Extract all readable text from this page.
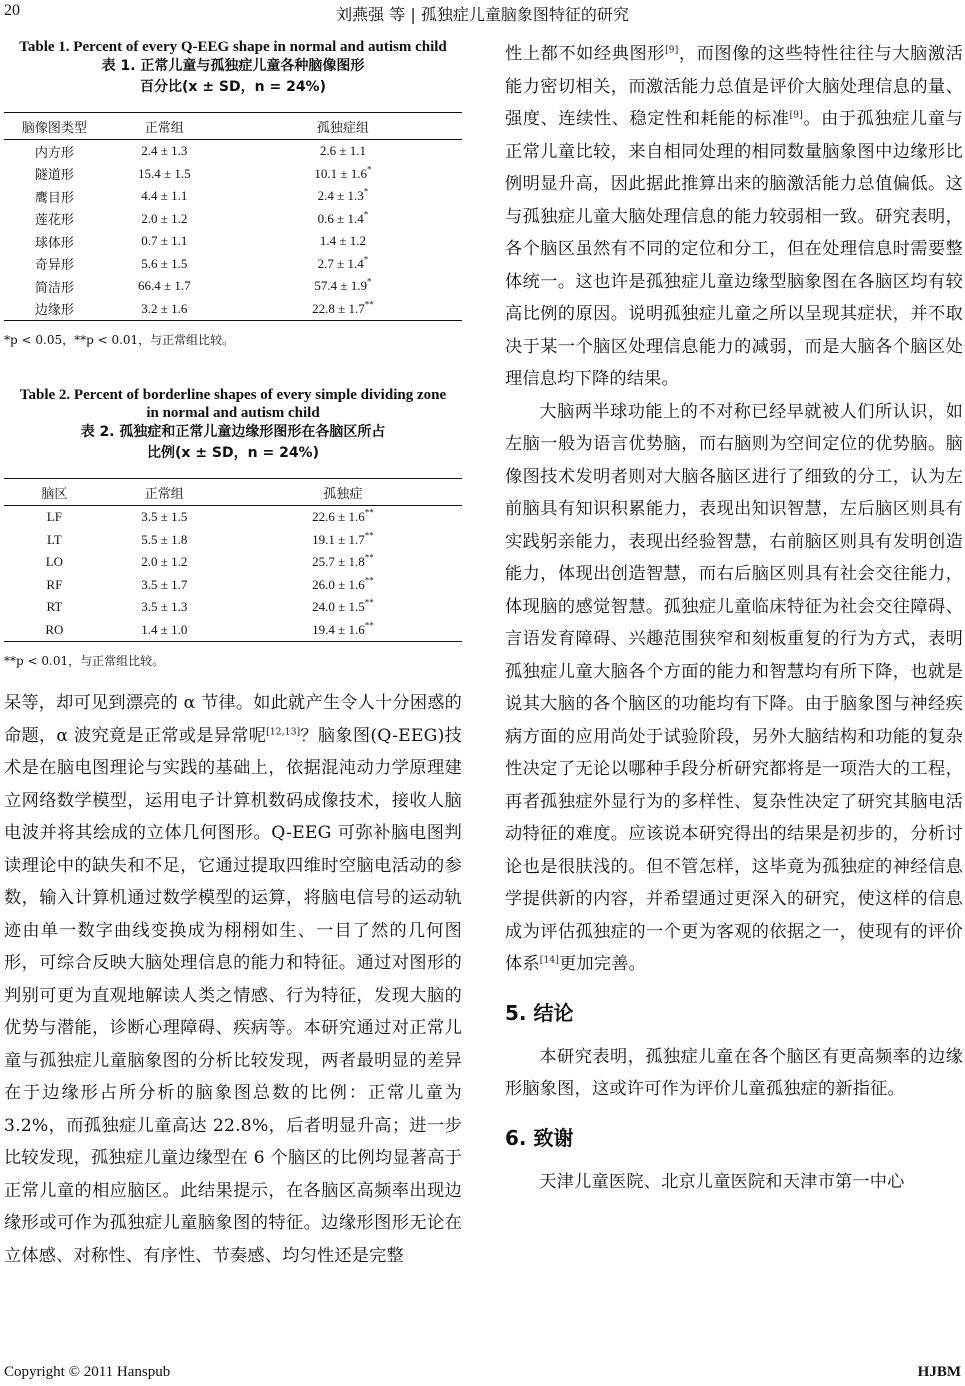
20	刘燕强 等 | 孤独症儿童脑象图特征的研究
Table 1. Percent of every Q-EEG shape in normal and autism child
表 1. 正常儿童与孤独症儿童各种脑像图形
百分比(x ± SD，n = 24%)
脑像图类型	正常组	孤独症组
内方形	2.4 ± 1.3	2.6 ± 1.1
隧道形	15.4 ± 1.5	10.1 ± 1.6*
鹰目形	4.4 ± 1.1	2.4 ± 1.3*
莲花形	2.0 ± 1.2	0.6 ± 1.4*
球体形	0.7 ± 1.1	1.4 ± 1.2
奇异形	5.6 ± 1.5	2.7 ± 1.4*
简洁形	66.4 ± 1.7	57.4 ± 1.9*
边缘形	3.2 ± 1.6	22.8 ± 1.7**
*p < 0.05，**p < 0.01，与正常组比较。
Table 2. Percent of borderline shapes of every simple dividing zone
in normal and autism child
表 2. 孤独症和正常儿童边缘形图形在各脑区所占
比例(x ± SD，n = 24%)
脑区	正常组	孤独症
LF	3.5 ± 1.5	22.6 ± 1.6**
LT	5.5 ± 1.8	19.1 ± 1.7**
LO	2.0 ± 1.2	25.7 ± 1.8**
RF	3.5 ± 1.7	26.0 ± 1.6**
RT	3.5 ± 1.3	24.0 ± 1.5**
RO	1.4 ± 1.0	19.4 ± 1.6**
**p < 0.01，与正常组比较。

呆等，却可见到漂亮的 α 节律。如此就产生令人十分困惑的命题，α 波究竟是正常或是异常呢[12,13]？脑象图(Q-EEG)技术是在脑电图理论与实践的基础上，依据混沌动力学原理建立网络数学模型，运用电子计算机数码成像技术，接收人脑电波并将其绘成的立体几何图形。Q-EEG 可弥补脑电图判读理论中的缺失和不足，它通过提取四维时空脑电活动的参数，输入计算机通过数学模型的运算，将脑电信号的运动轨迹由单一数字曲线变换成为栩栩如生、一目了然的几何图形，可综合反映大脑处理信息的能力和特征。通过对图形的判别可更为直观地解读人类之情感、行为特征，发现大脑的优势与潜能，诊断心理障碍、疾病等。本研究通过对正常儿童与孤独症儿童脑象图的分析比较发现，两者最明显的差异在于边缘形占所分析的脑象图总数的比例：正常儿童为 3.2%，而孤独症儿童高达 22.8%，后者明显升高；进一步比较发现，孤独症儿童边缘型在 6 个脑区的比例均显著高于正常儿童的相应脑区。此结果提示，在各脑区高频率出现边缘形或可作为孤独症儿童脑象图的特征。边缘形图形无论在立体感、对称性、有序性、节奏感、均匀性还是完整

性上都不如经典图形[9]，而图像的这些特性往往与大脑激活能力密切相关，而激活能力总值是评价大脑处理信息的量、强度、连续性、稳定性和耗能的标准[9]。由于孤独症儿童与正常儿童比较，来自相同处理的相同数量脑象图中边缘形比例明显升高，因此据此推算出来的脑激活能力总值偏低。这与孤独症儿童大脑处理信息的能力较弱相一致。研究表明，各个脑区虽然有不同的定位和分工，但在处理信息时需要整体统一。这也许是孤独症儿童边缘型脑象图在各脑区均有较高比例的原因。说明孤独症儿童之所以呈现其症状，并不取决于某一个脑区处理信息能力的减弱，而是大脑各个脑区处理信息均下降的结果。

大脑两半球功能上的不对称已经早就被人们所认识，如左脑一般为语言优势脑，而右脑则为空间定位的优势脑。脑像图技术发明者则对大脑各脑区进行了细致的分工，认为左前脑具有知识积累能力，表现出知识智慧，左后脑区则具有实践躬亲能力，表现出经验智慧，右前脑区则具有发明创造能力，体现出创造智慧，而右后脑区则具有社会交往能力，体现脑的感觉智慧。孤独症儿童临床特征为社会交往障碍、言语发育障碍、兴趣范围狭窄和刻板重复的行为方式，表明孤独症儿童大脑各个方面的能力和智慧均有所下降，也就是说其大脑的各个脑区的功能均有下降。由于脑象图与神经疾病方面的应用尚处于试验阶段，另外大脑结构和功能的复杂性决定了无论以哪种手段分析研究都将是一项浩大的工程，再者孤独症外显行为的多样性、复杂性决定了研究其脑电活动特征的难度。应该说本研究得出的结果是初步的，分析讨论也是很肤浅的。但不管怎样，这毕竟为孤独症的神经信息学提供新的内容，并希望通过更深入的研究，使这样的信息成为评估孤独症的一个更为客观的依据之一，使现有的评价体系[14]更加完善。

5. 结论

本研究表明，孤独症儿童在各个脑区有更高频率的边缘形脑象图，这或许可作为评价儿童孤独症的新指征。

6. 致谢

天津儿童医院、北京儿童医院和天津市第一中心

Copyright © 2011 Hanspub	HJBM
